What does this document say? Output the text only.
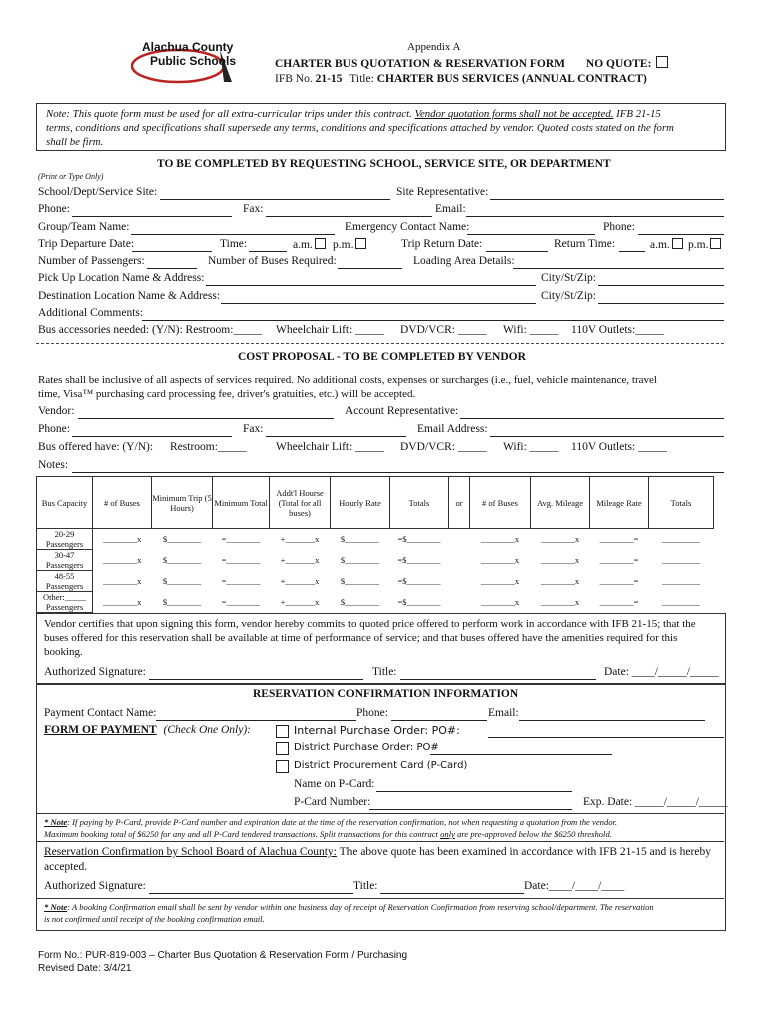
Alachua County
Public Schools
Appendix A
CHARTER BUS QUOTATION & RESERVATION FORM NO QUOTE:
IFB No. 21-15 Title: CHARTER BUS SERVICES (ANNUAL CONTRACT)
Note: This quote form must be used for all extra-curricular trips under this contract. Vendor quotation forms shall not be accepted. IFB 21-15
terms, conditions and specifications shall supersede any terms, conditions and specifications attached by vendor. Quoted costs stated on the form
shall be firm.
TO BE COMPLETED BY REQUESTING SCHOOL, SERVICE SITE, OR DEPARTMENT
(Print or Type Only)
School/Dept/Service Site:	Site Representative:
Phone:	Fax:	Email:
Group/Team Name:	Emergency Contact Name:	Phone:
Trip Departure Date:	Time:	a.m.	p.m.	Trip Return Date:	Return Time:	a.m.	p.m.
Number of Passengers:	Number of Buses Required:	Loading Area Details:
Pick Up Location Name & Address:	City/St/Zip:
Destination Location Name & Address:	City/St/Zip:
Additional Comments:
Bus accessories needed: (Y/N): Restroom:_____ Wheelchair Lift: _____ DVD/VCR: _____ Wifi: _____ 110V Outlets:_____
COST PROPOSAL - TO BE COMPLETED BY VENDOR
Rates shall be inclusive of all aspects of services required. No additional costs, expenses or surcharges (i.e., fuel, vehicle maintenance, travel
time, Visa™ purchasing card processing fee, driver's gratuities, etc.) will be accepted.
Vendor:	Account Representative:
Phone:	Fax:	Email Address:
Bus offered have: (Y/N): Restroom:_____	Wheelchair Lift: _____ DVD/VCR: _____ Wifi: _____ 110V Outlets: _____
Notes:
Bus Capacity	# of Buses	Minimum Trip (5 Hours)	Minimum Total	Addt'l Hourse (Total for all buses)	Hourly Rate	Totals	or	# of Buses	Avg. Mileage	Mileage Rate	Totals

20-29
Passengers	________x	$________	=________	+_______x	$________	=$________		________x	________x	________=	_________

30-47
Passengers	________x	$________	=________	+_______x	$________	=$________		________x	________x	________=	_________

48-55
Passengers	________x	$________	=________	+_______x	$________	=$________		________x	________x	________=	_________

Other:_____
Passengers	________x	$________	=________	+_______x	$________	=$________		________x	________x	________=	_________
Vendor certifies that upon signing this form, vendor hereby commits to quoted price offered to perform work in accordance with IFB 21-15; that the
buses offered for this reservation shall be available at time of performance of service; and that buses offered have the amenities required for this
booking.
Authorized Signature:	Title:	Date: ____/_____/_____
RESERVATION CONFIRMATION INFORMATION
Payment Contact Name:	Phone:	Email:
FORM OF PAYMENT (Check One Only):	Internal Purchase Order: PO#:
District Purchase Order: PO#
District Procurement Card (P-Card)
Name on P-Card:
P-Card Number:	Exp. Date: _____/_____/_____
* Note: If paying by P-Card, provide P-Card number and expiration date at the time of the reservation confirmation, not when requesting a quotation from the vendor.
Maximum booking total of $6250 for any and all P-Card tendered transactions. Split transactions for this contract only are pre-approved below the $6250 threshold.
Reservation Confirmation by School Board of Alachua County: The above quote has been examined in accordance with IFB 21-15 and is hereby
accepted.
Authorized Signature:	Title:	Date:____/____/____
* Note: A booking Confirmation email shall be sent by vendor within one business day of receipt of Reservation Confirmation from reserving school/department. The reservation
is not confirmed until receipt of the booking confirmation email.
Form No.: PUR-819-003 – Charter Bus Quotation & Reservation Form / Purchasing
Revised Date: 3/4/21
